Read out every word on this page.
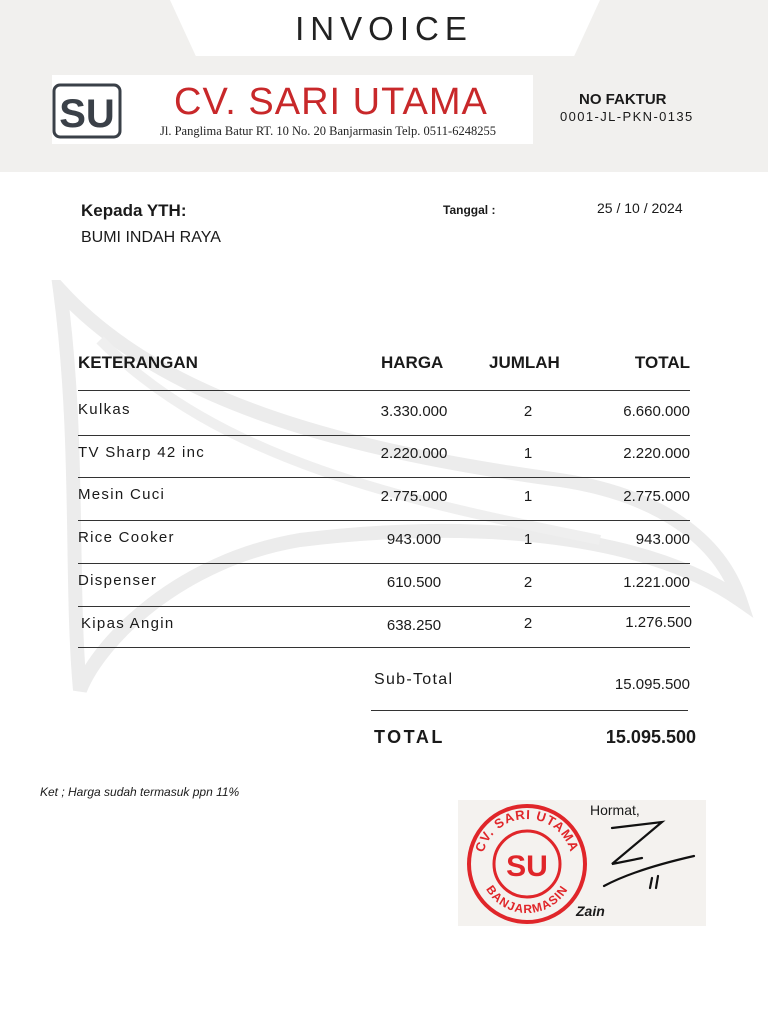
INVOICE
SU CV. SARI UTAMA
Jl. Panglima Batur RT. 10 No. 20 Banjarmasin Telp. 0511-6248255
NO FAKTUR
0001-JL-PKN-0135
Kepada YTH:
BUMI INDAH RAYA
Tanggal :	25 / 10 / 2024
KETERANGAN	HARGA	JUMLAH	TOTAL
Kulkas	3.330.000	2	6.660.000
TV Sharp 42 inc	2.220.000	1	2.220.000
Mesin Cuci	2.775.000	1	2.775.000
Rice Cooker	943.000	1	943.000
Dispenser	610.500	2	1.221.000
Kipas Angin	638.250	2	1.276.500
Sub-Total	15.095.500
TOTAL	15.095.500
Ket ; Harga sudah termasuk ppn 11%
CV. SARI UTAMA
BANJARMASIN
SU
Hormat,
Zain
